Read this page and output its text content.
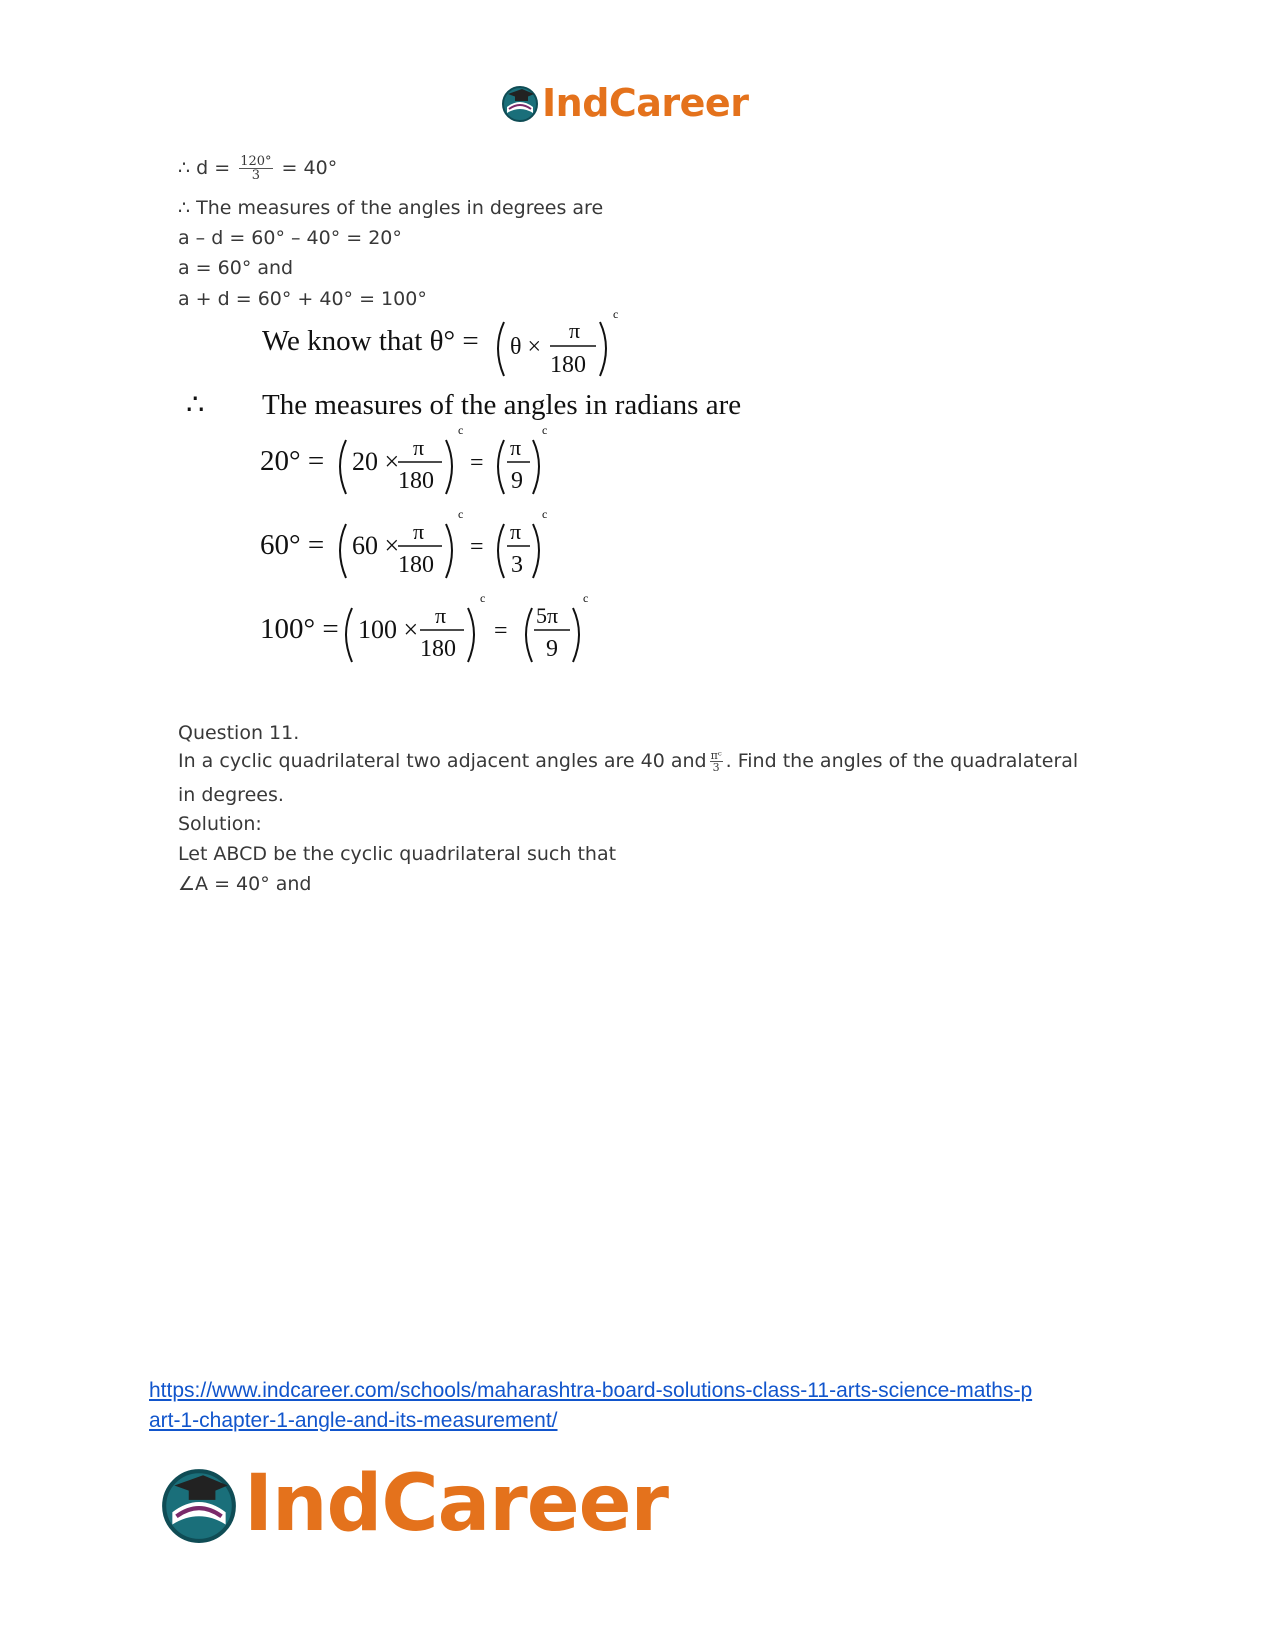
IndCareer
∴ $d = \frac{120^\circ}{3} = 40^\circ$
∴ The measures of the angles in degrees are
a – d = 60° – 40° = 20°
a = 60° and
a + d = 60° + 40° = 100°
We know that θ° = θ ×
π
180
c
∴ The measures of the angles in radians are
20° = 20 × π
180
c
=
π
9
c
60° = 60 × π
180
c
=
π
3
c
100° = 100 × π
180
c
=
5π
9
c
Question 11.
In a cyclic quadrilateral two adjacent angles are 40 and $\frac{\text{πᶜ}}{3}$ . Find the angles of the quadralateral
in degrees.
Solution:
Let ABCD be the cyclic quadrilateral such that
∠A = 40° and
https://www.indcareer.com/schools/maharashtra-board-solutions-class-11-arts-science-maths-p
art-1-chapter-1-angle-and-its-measurement/
IndCareer
